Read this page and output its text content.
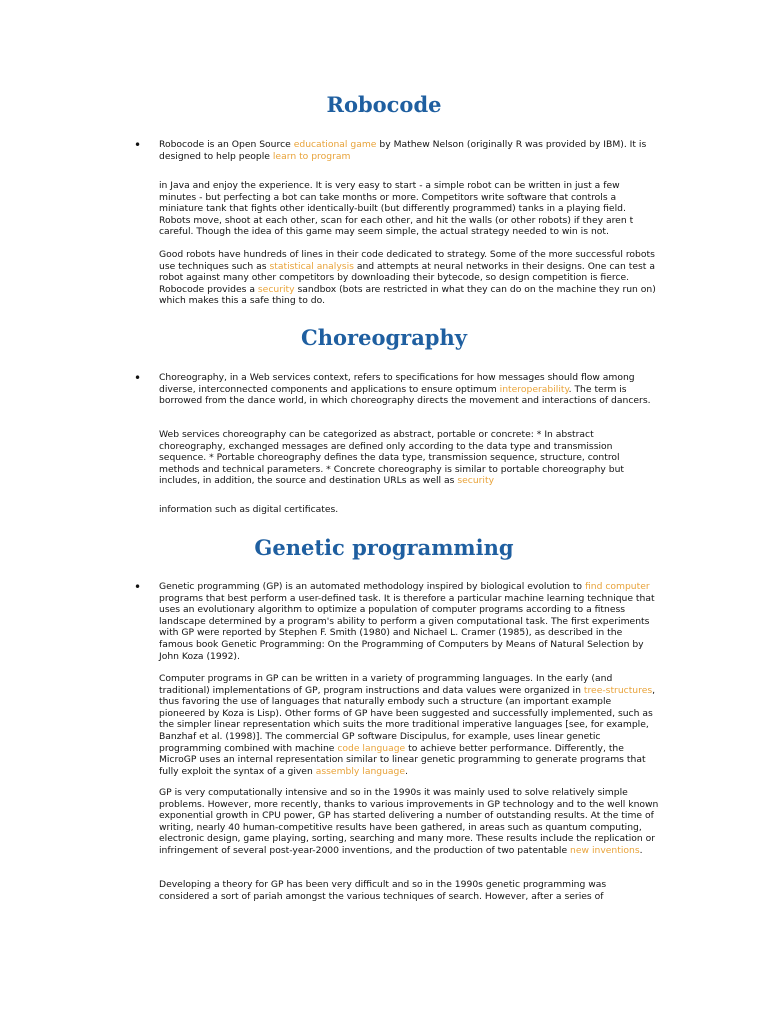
Robocode
• Robocode is an Open Source educational game by Mathew Nelson (originally R was provided by IBM). It is designed to help people learn to program

in Java and enjoy the experience. It is very easy to start - a simple robot can be written in just a few minutes - but perfecting a bot can take months or more. Competitors write software that controls a miniature tank that fights other identically-built (but differently programmed) tanks in a playing field. Robots move, shoot at each other, scan for each other, and hit the walls (or other robots) if they aren t careful. Though the idea of this game may seem simple, the actual strategy needed to win is not.

Good robots have hundreds of lines in their code dedicated to strategy. Some of the more successful robots use techniques such as statistical analysis and attempts at neural networks in their designs. One can test a robot against many other competitors by downloading their bytecode, so design competition is fierce. Robocode provides a security sandbox (bots are restricted in what they can do on the machine they run on) which makes this a safe thing to do.

Choreography
• Choreography, in a Web services context, refers to specifications for how messages should flow among diverse, interconnected components and applications to ensure optimum interoperability. The term is borrowed from the dance world, in which choreography directs the movement and interactions of dancers.

Web services choreography can be categorized as abstract, portable or concrete: * In abstract choreography, exchanged messages are defined only according to the data type and transmission sequence. * Portable choreography defines the data type, transmission sequence, structure, control methods and technical parameters. * Concrete choreography is similar to portable choreography but includes, in addition, the source and destination URLs as well as security

information such as digital certificates.

Genetic programming
• Genetic programming (GP) is an automated methodology inspired by biological evolution to find computer programs that best perform a user-defined task. It is therefore a particular machine learning technique that uses an evolutionary algorithm to optimize a population of computer programs according to a fitness landscape determined by a program's ability to perform a given computational task. The first experiments with GP were reported by Stephen F. Smith (1980) and Nichael L. Cramer (1985), as described in the famous book Genetic Programming: On the Programming of Computers by Means of Natural Selection by John Koza (1992).

Computer programs in GP can be written in a variety of programming languages. In the early (and traditional) implementations of GP, program instructions and data values were organized in tree-structures, thus favoring the use of languages that naturally embody such a structure (an important example pioneered by Koza is Lisp). Other forms of GP have been suggested and successfully implemented, such as the simpler linear representation which suits the more traditional imperative languages [see, for example, Banzhaf et al. (1998)]. The commercial GP software Discipulus, for example, uses linear genetic programming combined with machine code language to achieve better performance. Differently, the MicroGP uses an internal representation similar to linear genetic programming to generate programs that fully exploit the syntax of a given assembly language.

GP is very computationally intensive and so in the 1990s it was mainly used to solve relatively simple problems. However, more recently, thanks to various improvements in GP technology and to the well known exponential growth in CPU power, GP has started delivering a number of outstanding results. At the time of writing, nearly 40 human-competitive results have been gathered, in areas such as quantum computing, electronic design, game playing, sorting, searching and many more. These results include the replication or infringement of several post-year-2000 inventions, and the production of two patentable new inventions.

Developing a theory for GP has been very difficult and so in the 1990s genetic programming was considered a sort of pariah amongst the various techniques of search. However, after a series of
